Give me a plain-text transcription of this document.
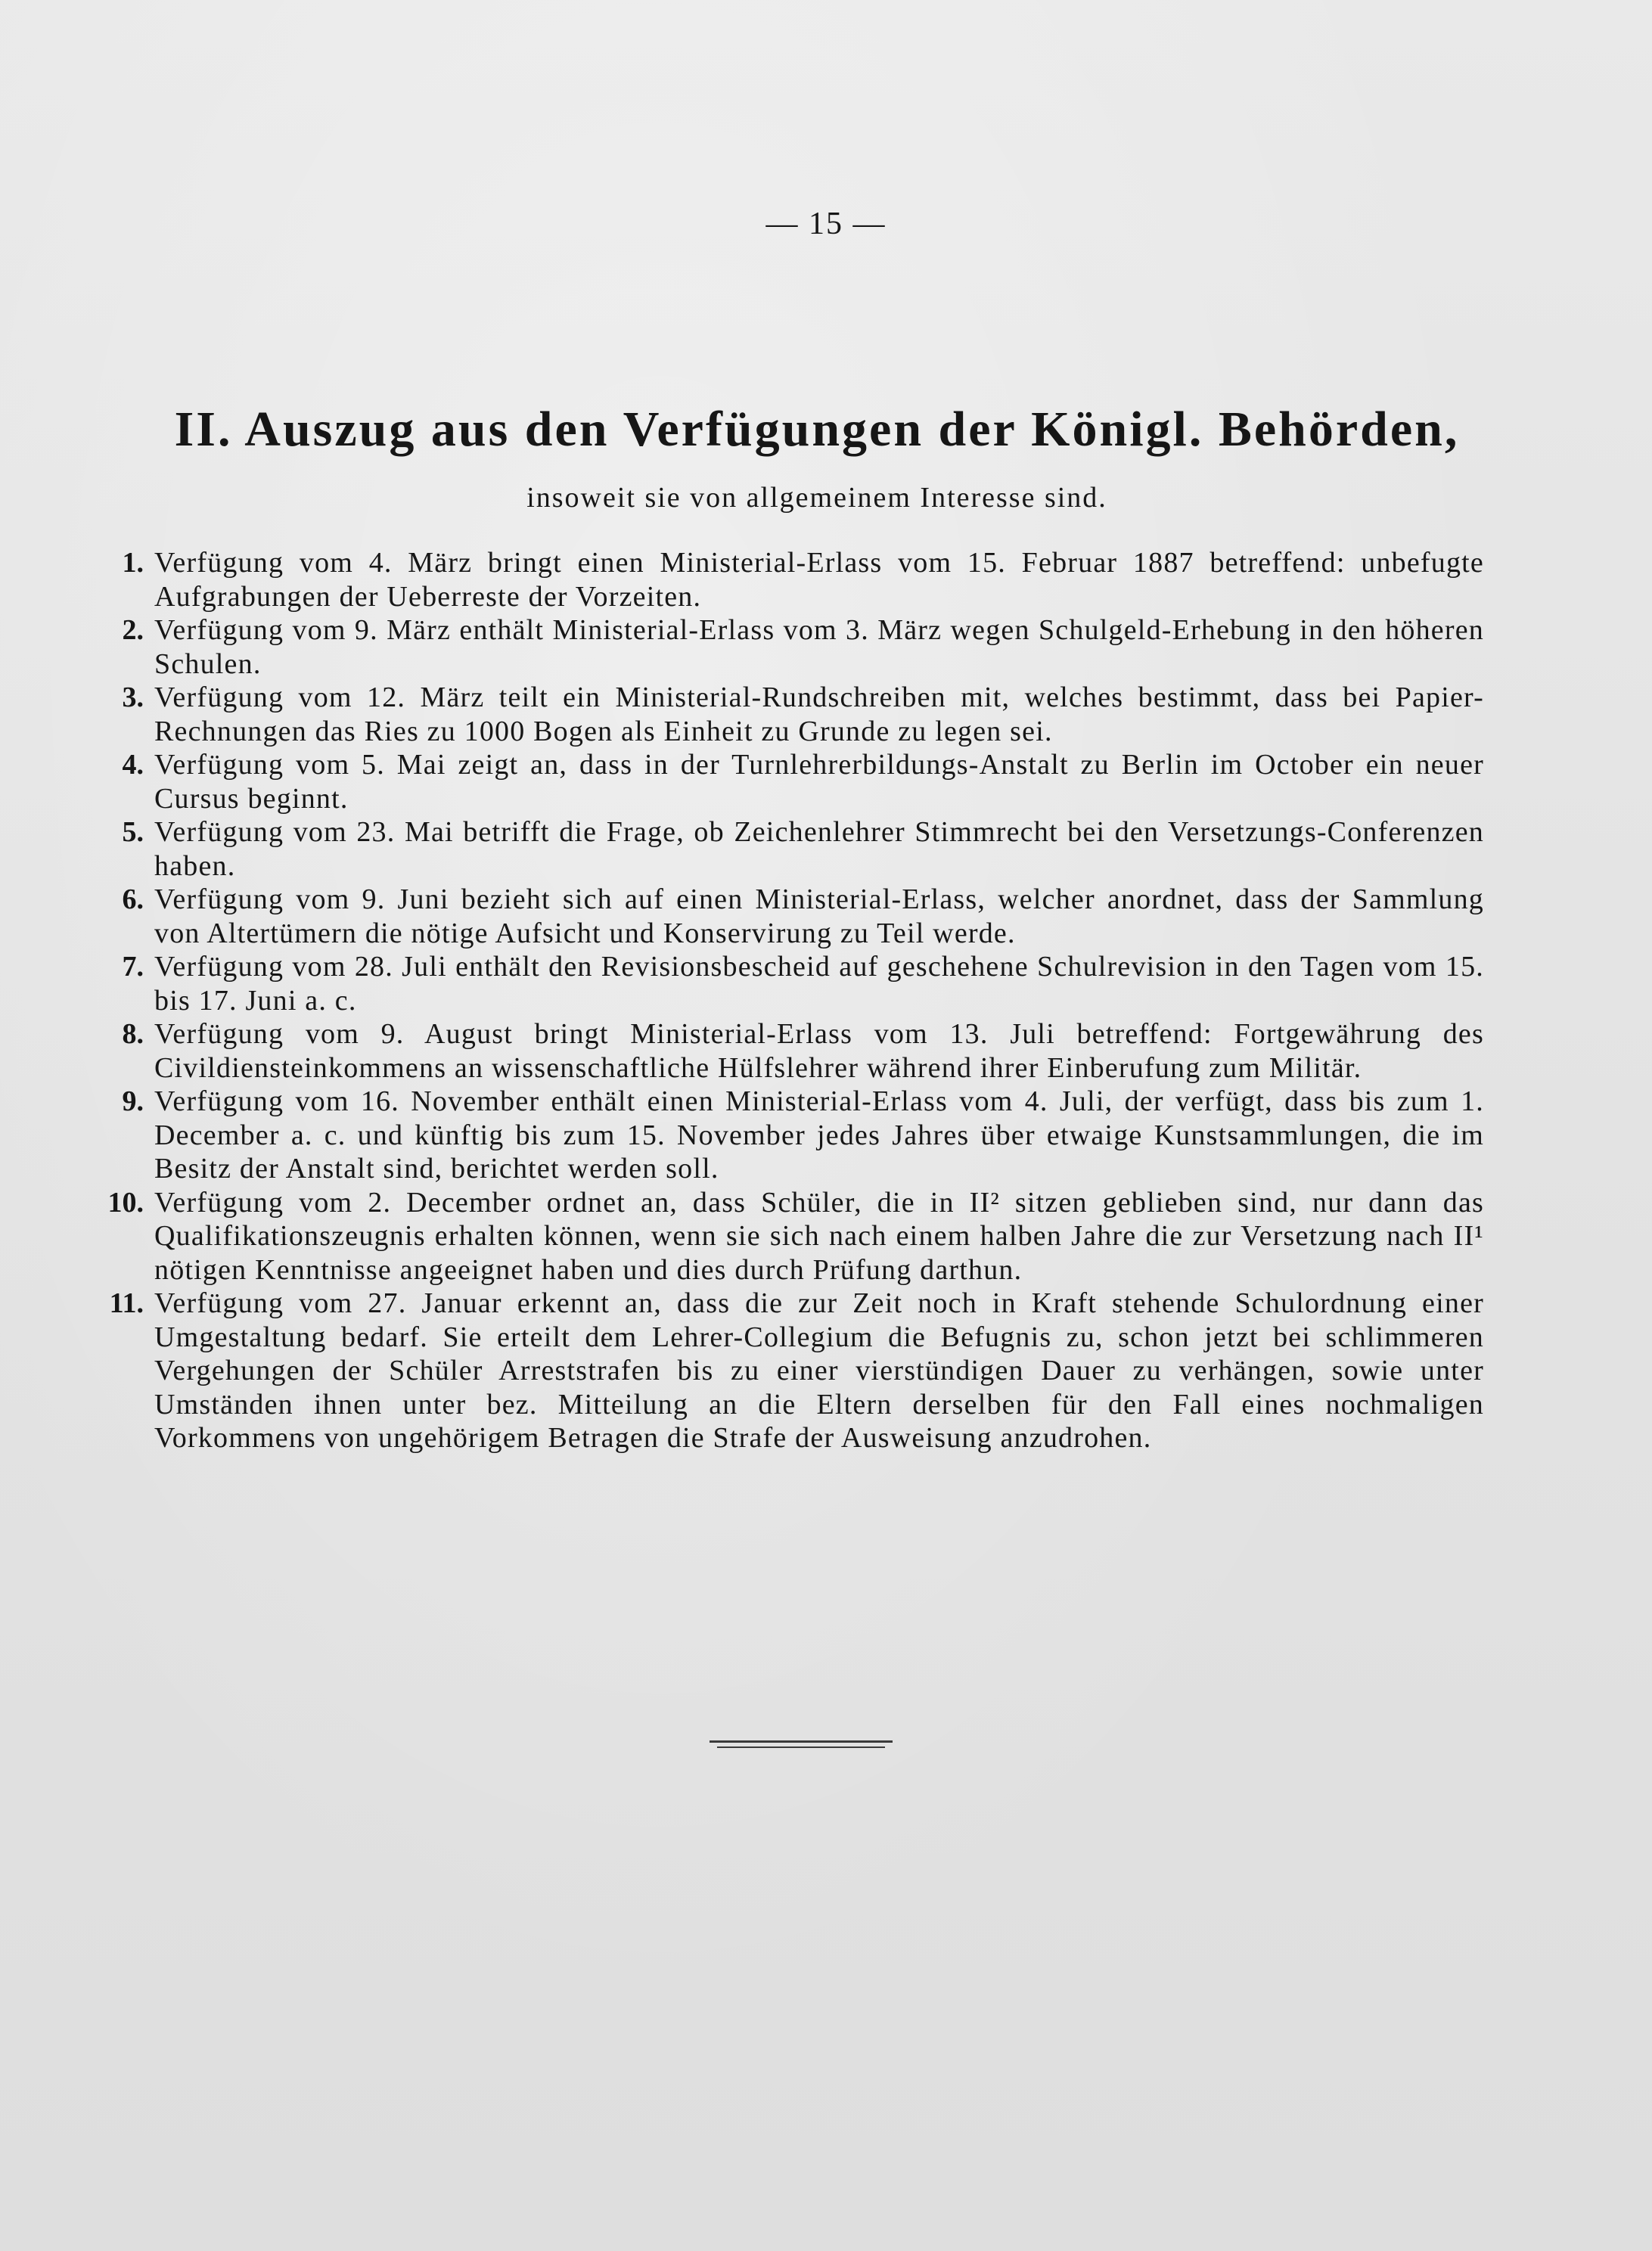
— 15 —
II. Auszug aus den Verfügungen der Königl. Behörden,
insoweit sie von allgemeinem Interesse sind.
1. Verfügung vom 4. März bringt einen Ministerial-Erlass vom 15. Februar 1887 betreffend: unbefugte Aufgrabungen der Ueberreste der Vorzeiten.
2. Verfügung vom 9. März enthält Ministerial-Erlass vom 3. März wegen Schulgeld-Erhebung in den höheren Schulen.
3. Verfügung vom 12. März teilt ein Ministerial-Rundschreiben mit, welches bestimmt, dass bei Papier-Rechnungen das Ries zu 1000 Bogen als Einheit zu Grunde zu legen sei.
4. Verfügung vom 5. Mai zeigt an, dass in der Turnlehrerbildungs-Anstalt zu Berlin im October ein neuer Cursus beginnt.
5. Verfügung vom 23. Mai betrifft die Frage, ob Zeichenlehrer Stimmrecht bei den Versetzungs-Conferenzen haben.
6. Verfügung vom 9. Juni bezieht sich auf einen Ministerial-Erlass, welcher anordnet, dass der Sammlung von Altertümern die nötige Aufsicht und Konservirung zu Teil werde.
7. Verfügung vom 28. Juli enthält den Revisionsbescheid auf geschehene Schulrevision in den Tagen vom 15. bis 17. Juni a. c.
8. Verfügung vom 9. August bringt Ministerial-Erlass vom 13. Juli betreffend: Fortgewährung des Civildiensteinkommens an wissenschaftliche Hülfslehrer während ihrer Einberufung zum Militär.
9. Verfügung vom 16. November enthält einen Ministerial-Erlass vom 4. Juli, der verfügt, dass bis zum 1. December a. c. und künftig bis zum 15. November jedes Jahres über etwaige Kunstsammlungen, die im Besitz der Anstalt sind, berichtet werden soll.
10. Verfügung vom 2. December ordnet an, dass Schüler, die in II² sitzen geblieben sind, nur dann das Qualifikationszeugnis erhalten können, wenn sie sich nach einem halben Jahre die zur Versetzung nach II¹ nötigen Kenntnisse angeeignet haben und dies durch Prüfung darthun.
11. Verfügung vom 27. Januar erkennt an, dass die zur Zeit noch in Kraft stehende Schulordnung einer Umgestaltung bedarf. Sie erteilt dem Lehrer-Collegium die Befugnis zu, schon jetzt bei schlimmeren Vergehungen der Schüler Arreststrafen bis zu einer vierstündigen Dauer zu verhängen, sowie unter Umständen ihnen unter bez. Mitteilung an die Eltern derselben für den Fall eines nochmaligen Vorkommens von ungehörigem Betragen die Strafe der Ausweisung anzudrohen.
